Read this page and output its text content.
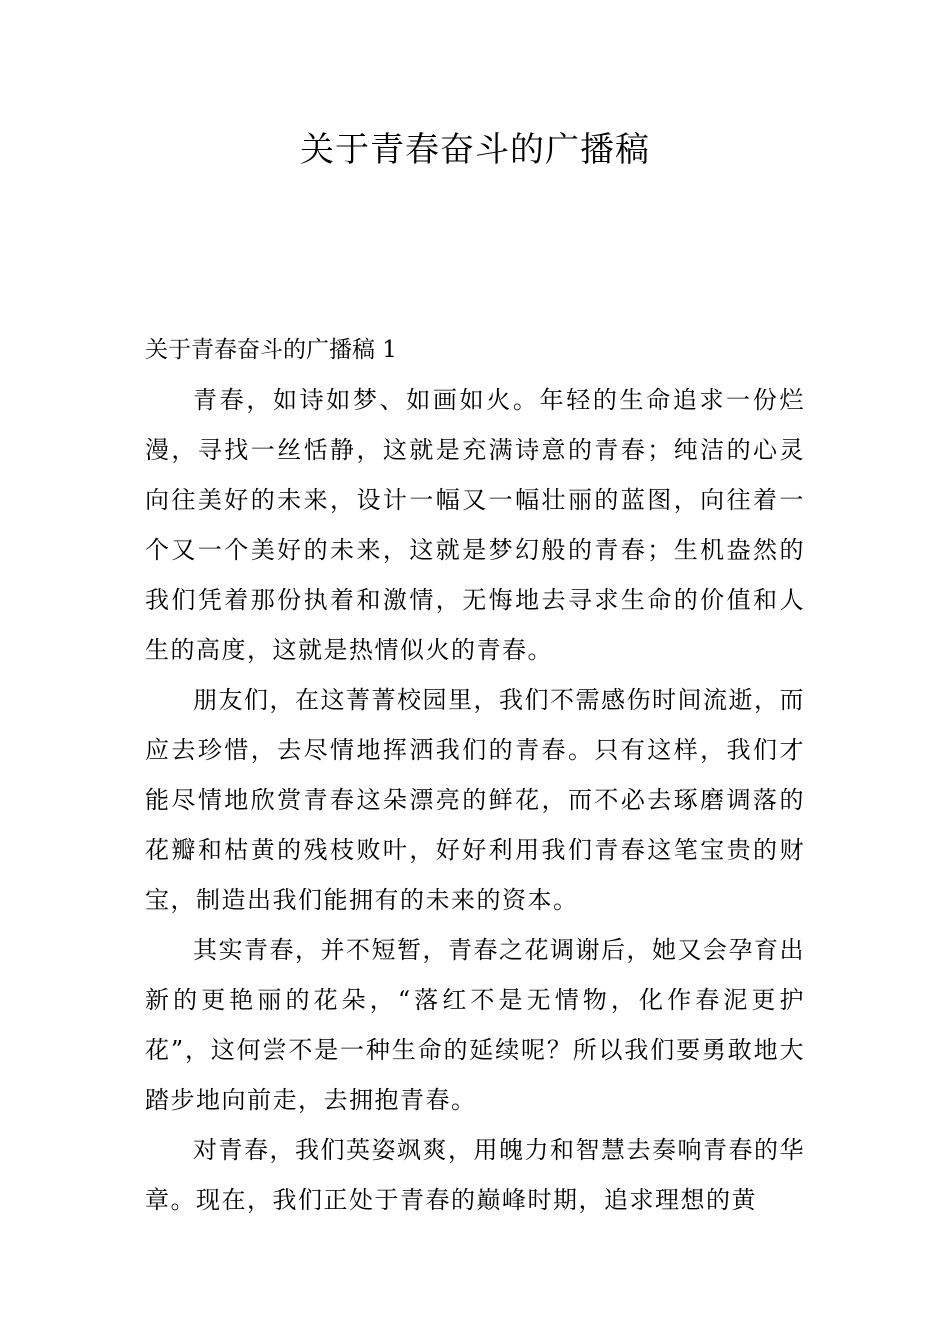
关于青春奋斗的广播稿

关于青春奋斗的广播稿 1

青春，如诗如梦、如画如火。年轻的生命追求一份烂漫，寻找一丝恬静，这就是充满诗意的青春；纯洁的心灵向往美好的未来，设计一幅又一幅壮丽的蓝图，向往着一个又一个美好的未来，这就是梦幻般的青春；生机盎然的我们凭着那份执着和激情，无悔地去寻求生命的价值和人生的高度，这就是热情似火的青春。

朋友们，在这菁菁校园里，我们不需感伤时间流逝，而应去珍惜，去尽情地挥洒我们的青春。只有这样，我们才能尽情地欣赏青春这朵漂亮的鲜花，而不必去琢磨调落的花瓣和枯黄的残枝败叶，好好利用我们青春这笔宝贵的财宝，制造出我们能拥有的未来的资本。

其实青春，并不短暂，青春之花调谢后，她又会孕育出新的更艳丽的花朵，“落红不是无情物，化作春泥更护花”，这何尝不是一种生命的延续呢？所以我们要勇敢地大踏步地向前走，去拥抱青春。

对青春，我们英姿飒爽，用魄力和智慧去奏响青春的华章。现在，我们正处于青春的巅峰时期，追求理想的黄
